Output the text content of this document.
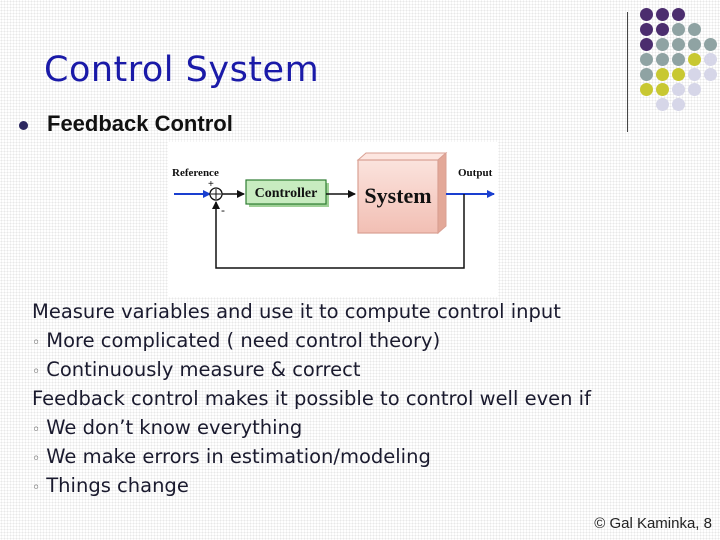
Control System
Feedback Control
Reference	Output
+
-
Controller System
Measure variables and use it to compute control input
◦ More complicated ( need control theory)
◦ Continuously measure & correct
Feedback control makes it possible to control well even if
◦ We don’t know everything
◦ We make errors in estimation/modeling
◦ Things change
© Gal Kaminka, 8
